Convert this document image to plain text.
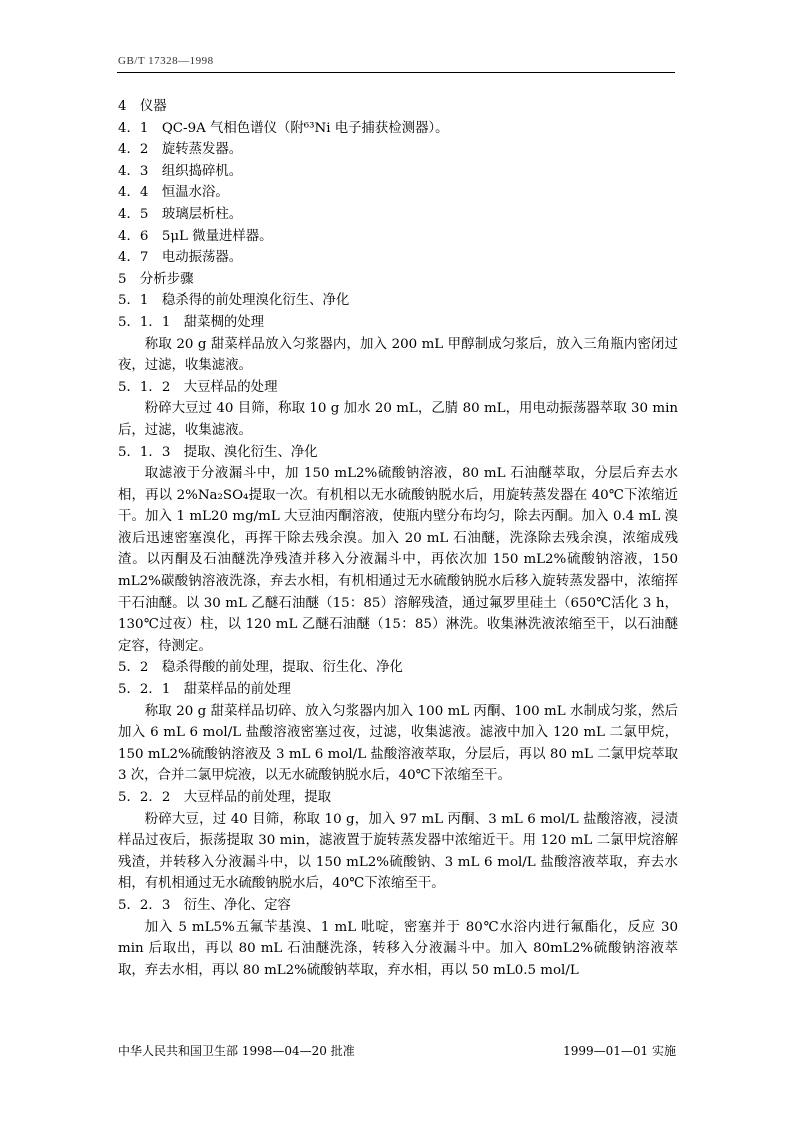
GB/T 17328—1998
4　仪器
4．1　QC-9A 气相色谱仪（附⁶³Ni 电子捕获检测器）。
4．2　旋转蒸发器。
4．3　组织捣碎机。
4．4　恒温水浴。
4．5　玻璃层析柱。
4．6　5μL 微量进样器。
4．7　电动振荡器。
5　分析步骤
5．1　稳杀得的前处理溴化衍生、净化
5．1．1　甜菜椆的处理
称取 20 g 甜菜样品放入匀浆器内，加入 200 mL 甲醇制成匀浆后，放入三角瓶内密闭过夜，过滤，收集滤液。
5．1．2　大豆样品的处理
粉碎大豆过 40 目筛，称取 10 g 加水 20 mL，乙腈 80 mL，用电动振荡器萃取 30 min 后，过滤，收集滤液。
5．1．3　提取、溴化衍生、净化
取滤液于分液漏斗中，加 150 mL2%硫酸钠溶液，80 mL 石油醚萃取，分层后弃去水相，再以 2%Na₂SO₄提取一次。有机相以无水硫酸钠脱水后，用旋转蒸发器在 40℃下浓缩近干。加入 1 mL20 mg/mL 大豆油丙酮溶液，使瓶内壁分布均匀，除去丙酮。加入 0.4 mL 溴液后迅速密塞溴化，再挥干除去残余溴。加入 20 mL 石油醚，洗涤除去残余溴，浓缩成残渣。以丙酮及石油醚洗净残渣并移入分液漏斗中，再依次加 150 mL2%硫酸钠溶液，150 mL2%碳酸钠溶液洗涤，弃去水相，有机相通过无水硫酸钠脱水后移入旋转蒸发器中，浓缩挥干石油醚。以 30 mL 乙醚石油醚（15：85）溶解残渣，通过氟罗里硅土（650℃活化 3 h，130℃过夜）柱，以 120 mL 乙醚石油醚（15：85）淋洗。收集淋洗液浓缩至干，以石油醚定容，待测定。
5．2　稳杀得酸的前处理，提取、衍生化、净化
5．2．1　甜菜样品的前处理
称取 20 g 甜菜样品切碎、放入匀浆器内加入 100 mL 丙酮、100 mL 水制成匀浆，然后加入 6 mL 6 mol/L 盐酸溶液密塞过夜，过滤，收集滤液。滤液中加入 120 mL 二氯甲烷，150 mL2%硫酸钠溶液及 3 mL 6 mol/L 盐酸溶液萃取，分层后，再以 80 mL 二氯甲烷萃取 3 次，合并二氯甲烷液，以无水硫酸钠脱水后，40℃下浓缩至干。
5．2．2　大豆样品的前处理，提取
粉碎大豆，过 40 目筛，称取 10 g，加入 97 mL 丙酮、3 mL 6 mol/L 盐酸溶液，浸渍样品过夜后，振荡提取 30 min，滤液置于旋转蒸发器中浓缩近干。用 120 mL 二氯甲烷溶解残渣，并转移入分液漏斗中，以 150 mL2%硫酸钠、3 mL 6 mol/L 盐酸溶液萃取，弃去水相，有机相通过无水硫酸钠脱水后，40℃下浓缩至干。
5．2．3　衍生、净化、定容
加入 5 mL5%五氟苄基溴、1 mL 吡啶，密塞并于 80℃水浴内进行氟酯化，反应 30 min 后取出，再以 80 mL 石油醚洗涤，转移入分液漏斗中。加入 80mL2%硫酸钠溶液萃取，弃去水相，再以 80 mL2%硫酸钠萃取，弃水相，再以 50 mL0.5 mol/L
中华人民共和国卫生部 1998—04—20 批准	1999—01—01 实施
